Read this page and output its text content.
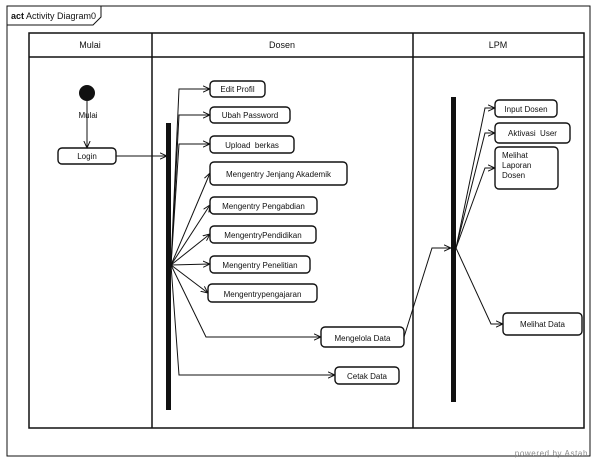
act Activity Diagram0
Mulai	Dosen	LPM
Mulai
Login
Edit Profil
Ubah Password
Upload  berkas
Mengentry Jenjang Akademik
Mengentry Pengabdian
MengentryPendidikan
Mengentry Penelitian
Mengentrypengajaran
Mengelola Data
Cetak Data
Input Dosen
Aktivasi  User
Melihat Laporan Dosen
Melihat Data
powered by Astah
